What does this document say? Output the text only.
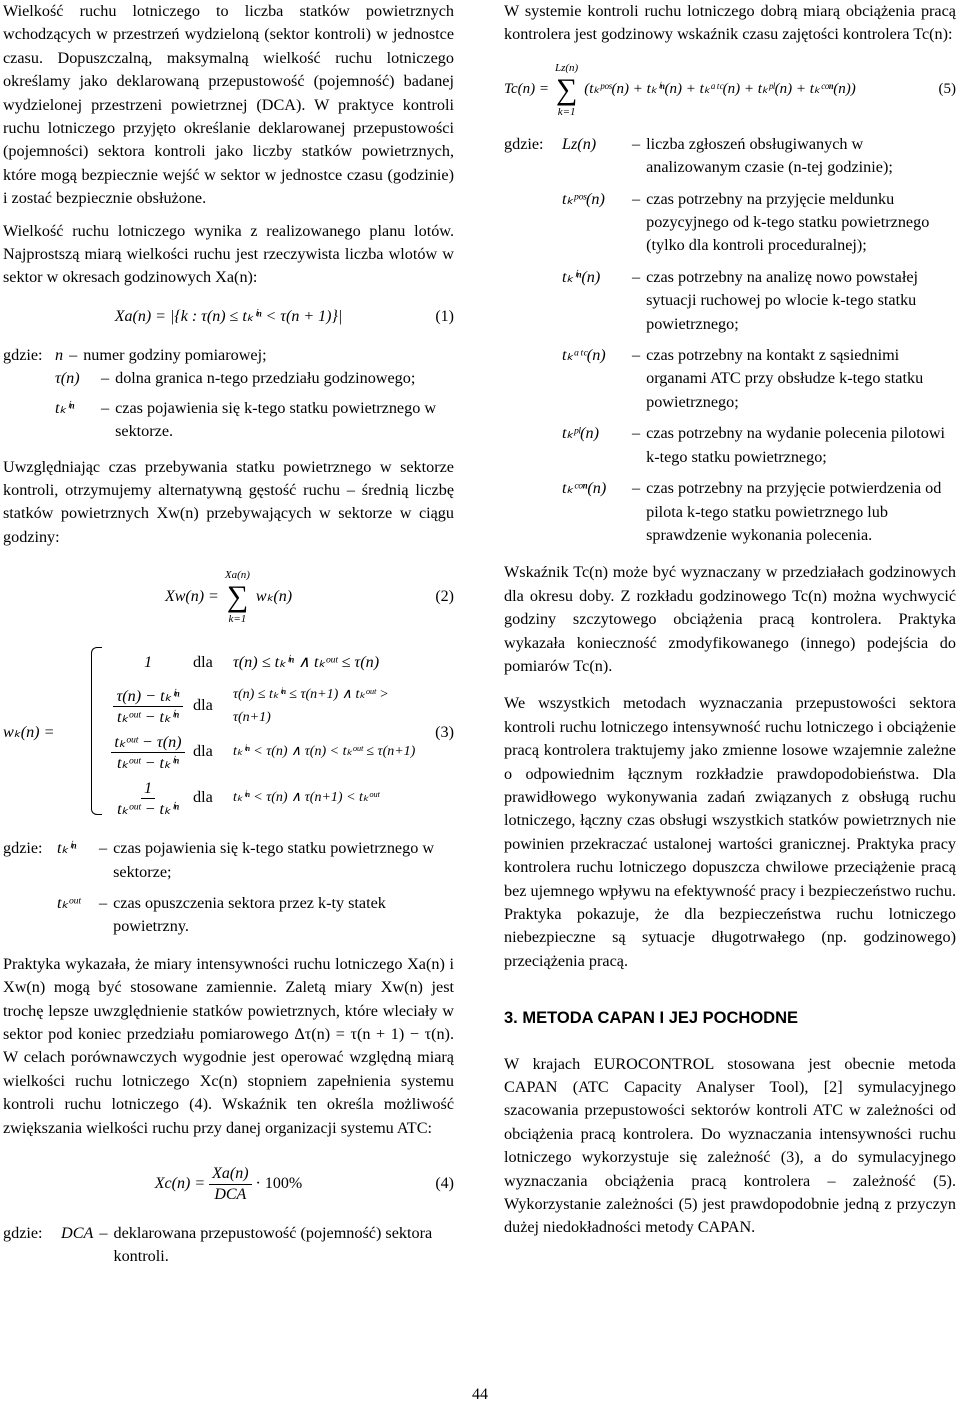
Wielkość ruchu lotniczego to liczba statków powietrznych wchodzących w przestrzeń wydzieloną (sektor kontroli) w jednostce czasu. Dopuszczalną, maksymalną wielkość ruchu lotniczego określamy jako deklarowaną przepustowość (pojemność) badanej wydzielonej przestrzeni powietrznej (DCA). W praktyce kontroli ruchu lotniczego przyjęto określanie deklarowanej przepustowości (pojemności) sektora kontroli jako liczby statków powietrznych, które mogą bezpiecznie wejść w sektor w jednostce czasu (godzinie) i zostać bezpiecznie obsłużone.

Wielkość ruchu lotniczego wynika z realizowanego planu lotów. Najprostszą miarą wielkości ruchu jest rzeczywista liczba wlotów w sektor w okresach godzinowych Xa(n):

Xa(n) = |{k : τ(n) ≤ tₖⁱⁿ < τ(n + 1)}|	(1)
gdzie: n – numer godziny pomiarowej;
τ(n)	– dolna granica n-tego przedziału godzinowego;
tₖⁱⁿ	– czas pojawienia się k-tego statku powietrznego w sektorze.

Uwzględniając czas przebywania statku powietrznego w sektorze kontroli, otrzymujemy alternatywną gęstość ruchu – średnią liczbę statków powietrznych Xw(n) przebywających w sektorze w ciągu godziny:

Xw(n) =
Xa(n)
∑
k=1
wₖ(n)	(2)
wₖ(n) =	(3)
1	dla	τ(n) ≤ tₖⁱⁿ ∧ tₖᵒᵘᵗ ≤ τ(n)
$\frac{\text{τ(n) − tₖⁱⁿ}}{\text{tₖᵒᵘᵗ − tₖⁱⁿ}}$ dla
τ(n) ≤ tₖⁱⁿ ≤ τ(n+1) ∧ tₖᵒᵘᵗ > τ(n+1)
$\frac{\text{tₖᵒᵘᵗ − τ(n)}}{\text{tₖᵒᵘᵗ − tₖⁱⁿ}}$ dla	tₖⁱⁿ < τ(n) ∧ τ(n) < tₖᵒᵘᵗ ≤ τ(n+1)
$\frac{1}{\text{tₖᵒᵘᵗ − tₖⁱⁿ}}$ dla	tₖⁱⁿ < τ(n) ∧ τ(n+1) < tₖᵒᵘᵗ
gdzie: tₖⁱⁿ	– czas pojawienia się k-tego statku powietrznego w sektorze;
tₖᵒᵘᵗ	– czas opuszczenia sektora przez k-ty statek powietrzny.

Praktyka wykazała, że miary intensywności ruchu lotniczego Xa(n) i Xw(n) mogą być stosowane zamiennie. Zaletą miary Xw(n) jest trochę lepsze uwzględnienie statków powietrznych, które wleciały w sektor pod koniec przedziału pomiarowego Δτ(n) = τ(n + 1) − τ(n). W celach porównawczych wygodnie jest operować względną miarą wielkości ruchu lotniczego Xc(n) stopniem zapełnienia systemu kontroli ruchu lotniczego (4). Wskaźnik ten określa możliwość zwiększania wielkości ruchu przy danej organizacji systemu ATC:

$Xc(n) = \frac{Xa(n)}{\text{DCA}} \cdot 100\%$	(4)
gdzie:	DCA – deklarowana przepustowość (pojemność) sektora kontroli.

W systemie kontroli ruchu lotniczego dobrą miarą obciążenia pracą kontrolera jest godzinowy wskaźnik czasu zajętości kontrolera Tc(n):

Tc(n) =
Lz(n)
∑
k=1
(tₖᵖᵒˢ(n) + tₖⁱⁿ(n) + tₖᵃᵗᶜ(n) + tₖᵖˡ(n) + tₖᶜᵒⁿ(n))	(5)
gdzie:	Lz(n)	– liczba zgłoszeń obsługiwanych w analizowanym czasie (n-tej godzinie);
tₖᵖᵒˢ(n)	– czas potrzebny na przyjęcie meldunku pozycyjnego od k-tego statku powietrznego (tylko dla kontroli proceduralnej);
tₖⁱⁿ(n)	– czas potrzebny na analizę nowo powstałej sytuacji ruchowej po wlocie k-tego statku powietrznego;
tₖᵃᵗᶜ(n)	– czas potrzebny na kontakt z sąsiednimi organami ATC przy obsłudze k-tego statku powietrznego;
tₖᵖˡ(n)	– czas potrzebny na wydanie polecenia pilotowi k-tego statku powietrznego;
tₖᶜᵒⁿ(n)	– czas potrzebny na przyjęcie potwierdzenia od pilota k-tego statku powietrznego lub sprawdzenie wykonania polecenia.

Wskaźnik Tc(n) może być wyznaczany w przedziałach godzinowych dla okresu doby. Z rozkładu godzinowego Tc(n) można wychwycić godziny szczytowego obciążenia pracą kontrolera. Praktyka wykazała konieczność zmodyfikowanego (innego) podejścia do pomiarów Tc(n).

We wszystkich metodach wyznaczania przepustowości sektora kontroli ruchu lotniczego intensywność ruchu lotniczego i obciążenie pracą kontrolera traktujemy jako zmienne losowe wzajemnie zależne o odpowiednim łącznym rozkładzie prawdopodobieństwa. Dla prawidłowego wykonywania zadań związanych z obsługą ruchu lotniczego, łączny czas obsługi wszystkich statków powietrznych nie powinien przekraczać ustalonej wartości granicznej. Praktyka pracy kontrolera ruchu lotniczego dopuszcza chwilowe przeciążenie pracą bez ujemnego wpływu na efektywność pracy i bezpieczeństwo ruchu. Praktyka pokazuje, że dla bezpieczeństwa ruchu lotniczego niebezpieczne są sytuacje długotrwałego (np. godzinowego) przeciążenia pracą.

3. METODA CAPAN I JEJ POCHODNE

W krajach EUROCONTROL stosowana jest obecnie metoda CAPAN (ATC Capacity Analyser Tool), [2] symulacyjnego szacowania przepustowości sektorów kontroli ATC w zależności od obciążenia pracą kontrolera. Do wyznaczania intensywności ruchu lotniczego wykorzystuje się zależność (3), a do symulacyjnego wyznaczania obciążenia pracą kontrolera – zależność (5). Wykorzystanie zależności (5) jest prawdopodobnie jedną z przyczyn dużej niedokładności metody CAPAN.

44
